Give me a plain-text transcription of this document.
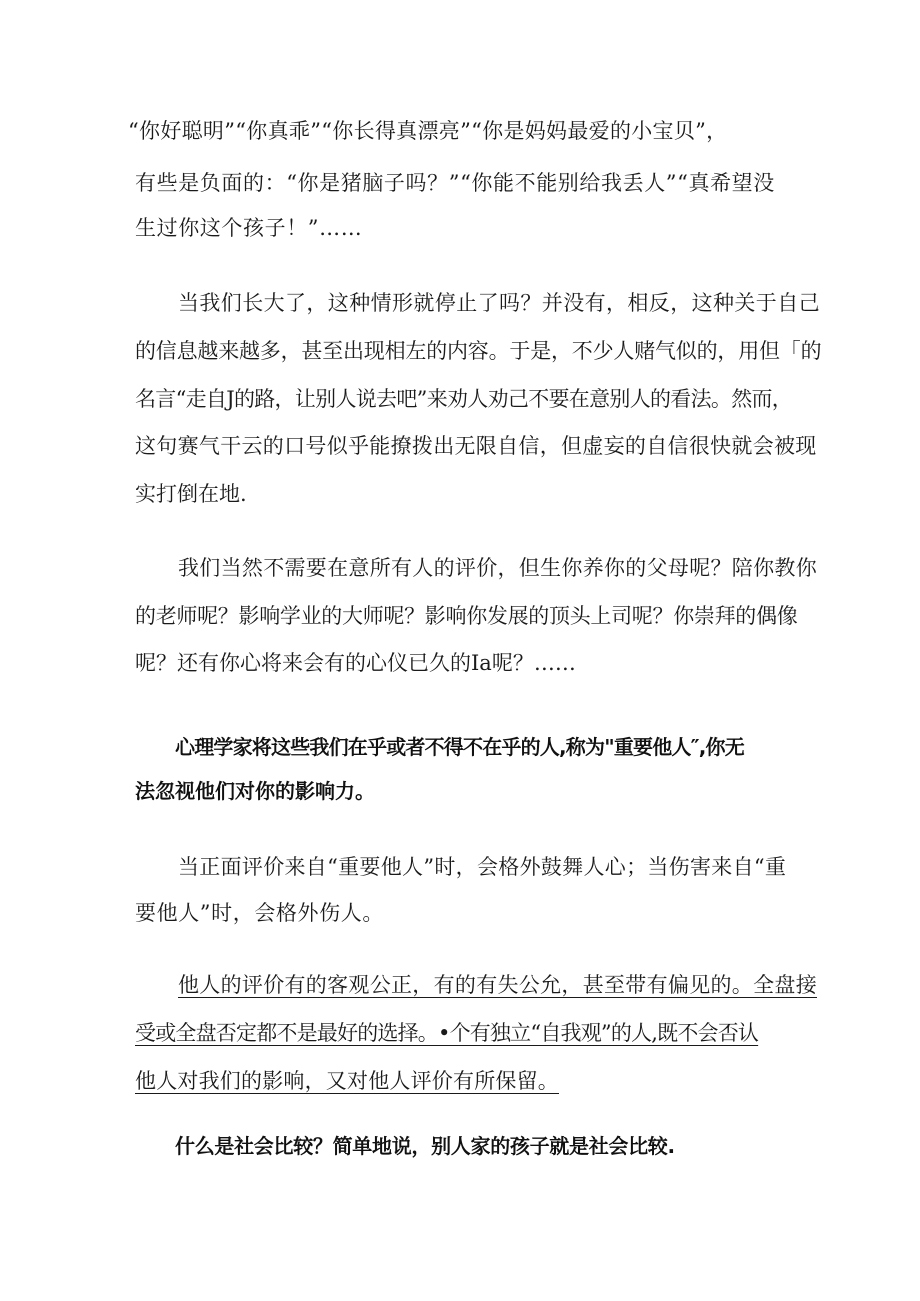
“你好聪明”“你真乖”“你长得真漂亮”“你是妈妈最爱的小宝贝”，
有些是负面的：“你是猪脑子吗？”“你能不能别给我丢人”“真希望没
生过你这个孩子！”……
当我们长大了，这种情形就停止了吗？并没有，相反，这种关于自己
的信息越来越多，甚至出现相左的内容。于是，不少人赌气似的，用但「的
名言“走自J的路，让别人说去吧”来劝人劝己不要在意别人的看法。然而，
这句赛气干云的口号似乎能撩拨出无限自信，但虚妄的自信很快就会被现
实打倒在地.
我们当然不需要在意所有人的评价，但生你养你的父母呢？陪你教你
的老师呢？影响学业的大师呢？影响你发展的顶头上司呢？你崇拜的偶像
呢？还有你心将来会有的心仪已久的Ia呢？……
心理学家将这些我们在乎或者不得不在乎的人,称为"重要他人″,你无
法忽视他们对你的影响力。
当正面评价来自“重要他人”时，会格外鼓舞人心；当伤害来自“重
要他人”时，会格外伤人。
他人的评价有的客观公正，有的有失公允，甚至带有偏见的。全盘接
受或全盘否定都不是最好的选择。•个有独立“自我观”的人,既不会否认
他人对我们的影响，又对他人评价有所保留。
什么是社会比较？简单地说，别人家的孩子就是社会比较.
